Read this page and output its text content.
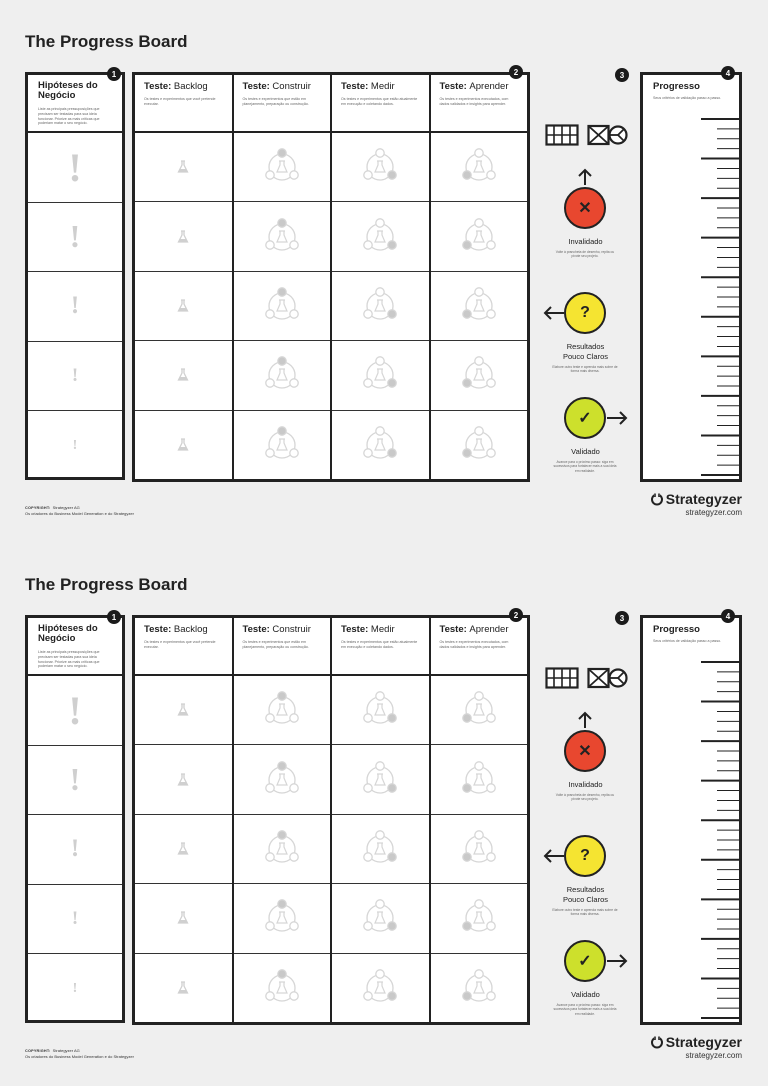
The Progress Board
Hipóteses do
Negócio
Liste as principais pressuposições que precisam ser testadas para sua ideia funcionar. Priorize as mais críticas que poderiam matar o seu negócio.
!
!
!
!
!
1
Teste: Backlog
Os testes e experimentos que você pretende executar.
Teste: Construir
Os testes e experimentos que estão em planejamento, preparação ou construção.
Teste: Medir
Os testes e experimentos que estão atualmente em execução e coletando dados.
Teste: Aprender
Os testes e experimentos executados, com dados validados e insights para aprender.
2	3
✕
Invalidado
Volte à prancheta de desenho, repita ou pivote seu projeto.
?
Resultados
Pouco Claros
Elabore outro teste e aprenda mais sobre de forma mais diversa.
✓
Validado
Avance para o próximo passo: siga em sucessivos para fortalecer mais a sua ideia em realidade.
Progresso
Seus critérios de validação passo a passo.
4
COPYRIGHT: Strategyzer AG
Os criadores do Business Model Generation e do Strategyzer
Strategyzer
strategyzer.com
The Progress Board
Hipóteses do
Negócio
Liste as principais pressuposições que precisam ser testadas para sua ideia funcionar. Priorize as mais críticas que poderiam matar o seu negócio.
!
!
!
!
!
1
Teste: Backlog
Os testes e experimentos que você pretende executar.
Teste: Construir
Os testes e experimentos que estão em planejamento, preparação ou construção.
Teste: Medir
Os testes e experimentos que estão atualmente em execução e coletando dados.
Teste: Aprender
Os testes e experimentos executados, com dados validados e insights para aprender.
2	3
✕
Invalidado
Volte à prancheta de desenho, repita ou pivote seu projeto.
?
Resultados
Pouco Claros
Elabore outro teste e aprenda mais sobre de forma mais diversa.
✓
Validado
Avance para o próximo passo: siga em sucessivos para fortalecer mais a sua ideia em realidade.
Progresso
Seus critérios de validação passo a passo.
4
COPYRIGHT: Strategyzer AG
Os criadores do Business Model Generation e do Strategyzer
Strategyzer
strategyzer.com
